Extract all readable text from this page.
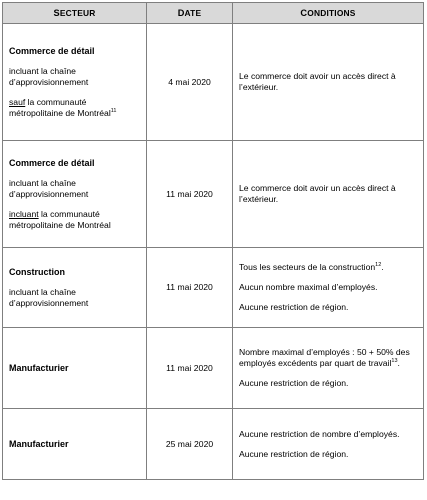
SECTEUR	DATE	CONDITIONS

Commerce de détail
incluant la chaîne d’approvisionnement
sauf la communauté métropolitaine de Montréal$^{11}$	4 mai 2020	Le commerce doit avoir un accès direct à l’extérieur.

Commerce de détail
incluant la chaîne d’approvisionnement
incluant la communauté métropolitaine de Montréal	11 mai 2020	Le commerce doit avoir un accès direct à l’extérieur.

Construction
incluant la chaîne d’approvisionnement	11 mai 2020	Tous les secteurs de la construction$^{12}$.
Aucun nombre maximal d’employés.
Aucune restriction de région.

Manufacturier	11 mai 2020	Nombre maximal d’employés : 50 + 50% des employés excédents par quart de travail$^{13}$.
Aucune restriction de région.

Manufacturier	25 mai 2020	Aucune restriction de nombre d’employés.
Aucune restriction de région.
